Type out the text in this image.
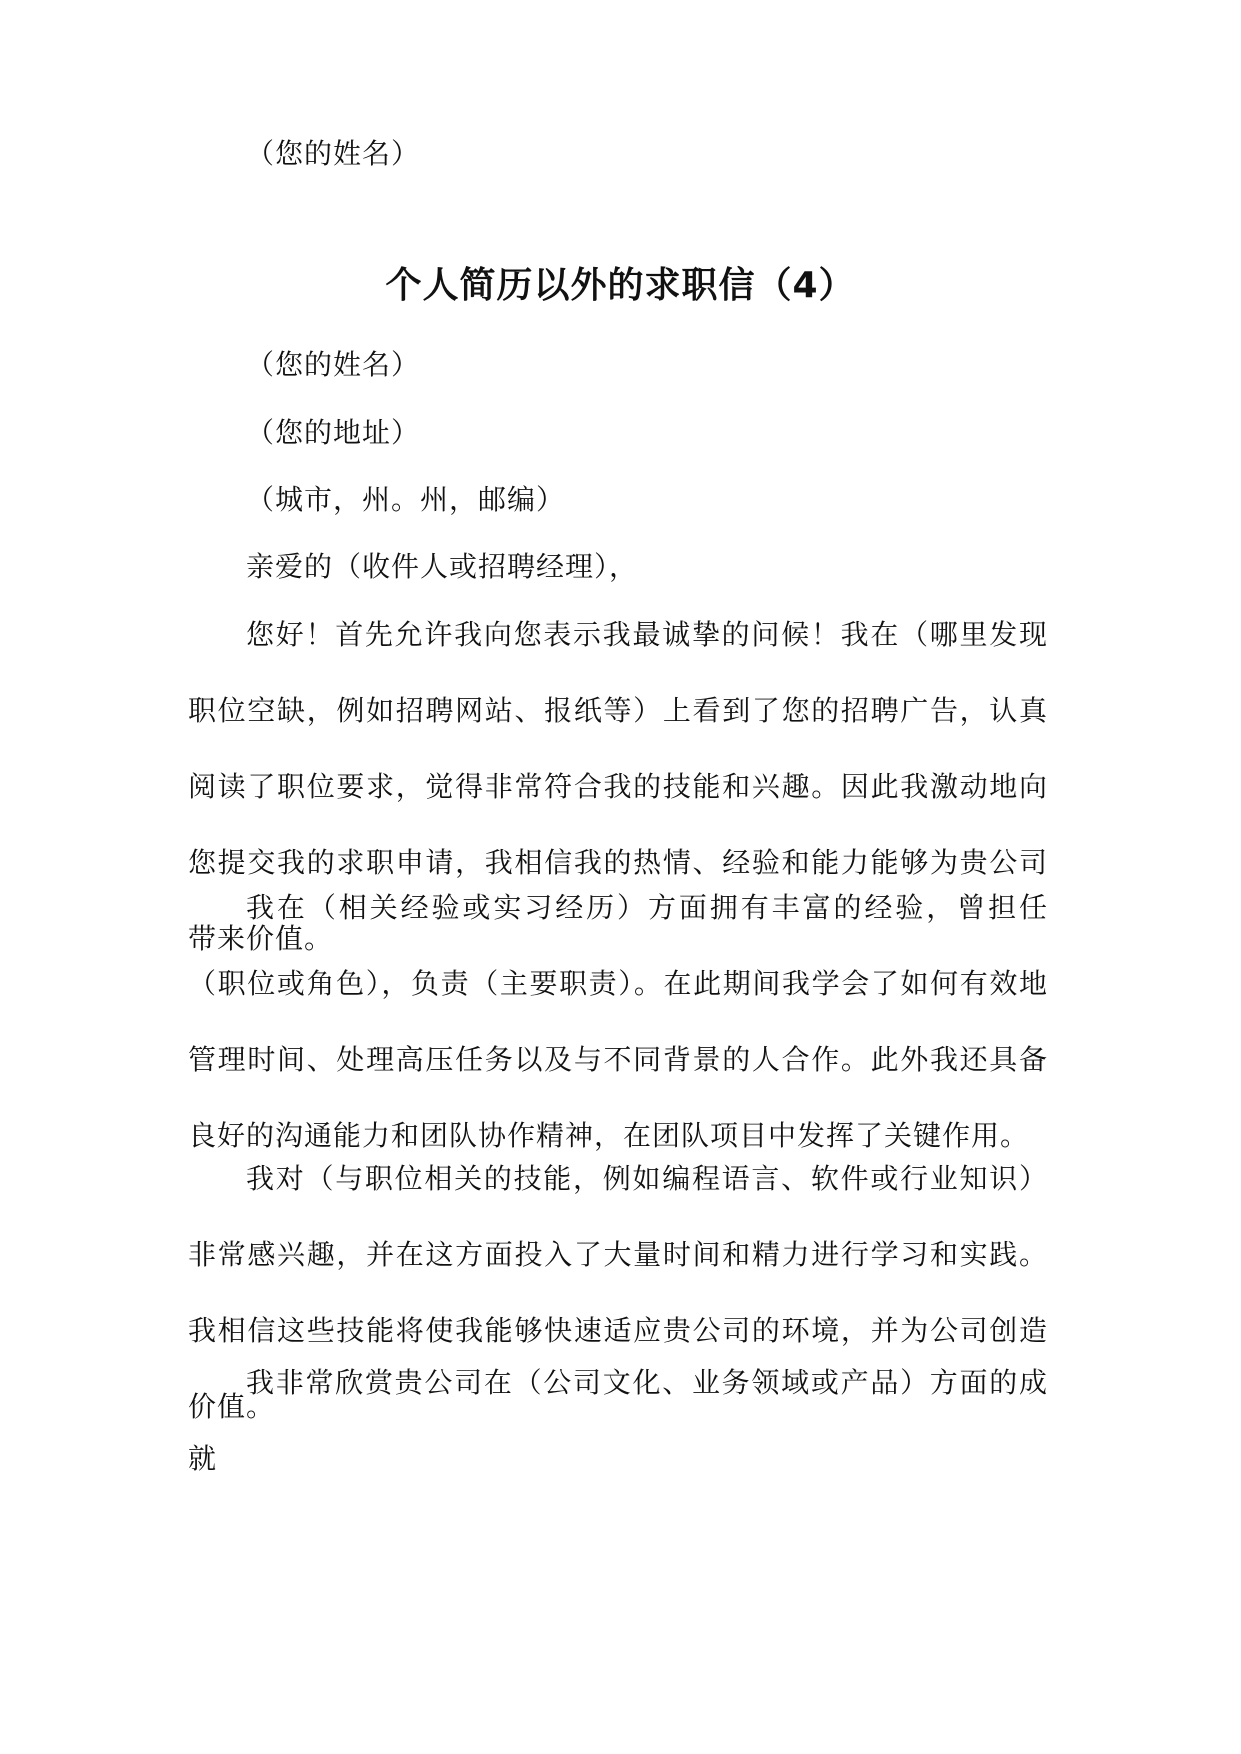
（您的姓名）
个人简历以外的求职信（4）
（您的姓名）
（您的地址）
（城市，州。州，邮编）
亲爱的（收件人或招聘经理），
您好！首先允许我向您表示我最诚挚的问候！我在（哪里发现职位空缺，例如招聘网站、报纸等）上看到了您的招聘广告，认真阅读了职位要求，觉得非常符合我的技能和兴趣。因此我激动地向您提交我的求职申请，我相信我的热情、经验和能力能够为贵公司带来价值。
我在（相关经验或实习经历）方面拥有丰富的经验，曾担任（职位或角色），负责（主要职责）。在此期间我学会了如何有效地管理时间、处理高压任务以及与不同背景的人合作。此外我还具备良好的沟通能力和团队协作精神，在团队项目中发挥了关键作用。
我对（与职位相关的技能，例如编程语言、软件或行业知识）非常感兴趣，并在这方面投入了大量时间和精力进行学习和实践。我相信这些技能将使我能够快速适应贵公司的环境，并为公司创造价值。
我非常欣赏贵公司在（公司文化、业务领域或产品）方面的成就
